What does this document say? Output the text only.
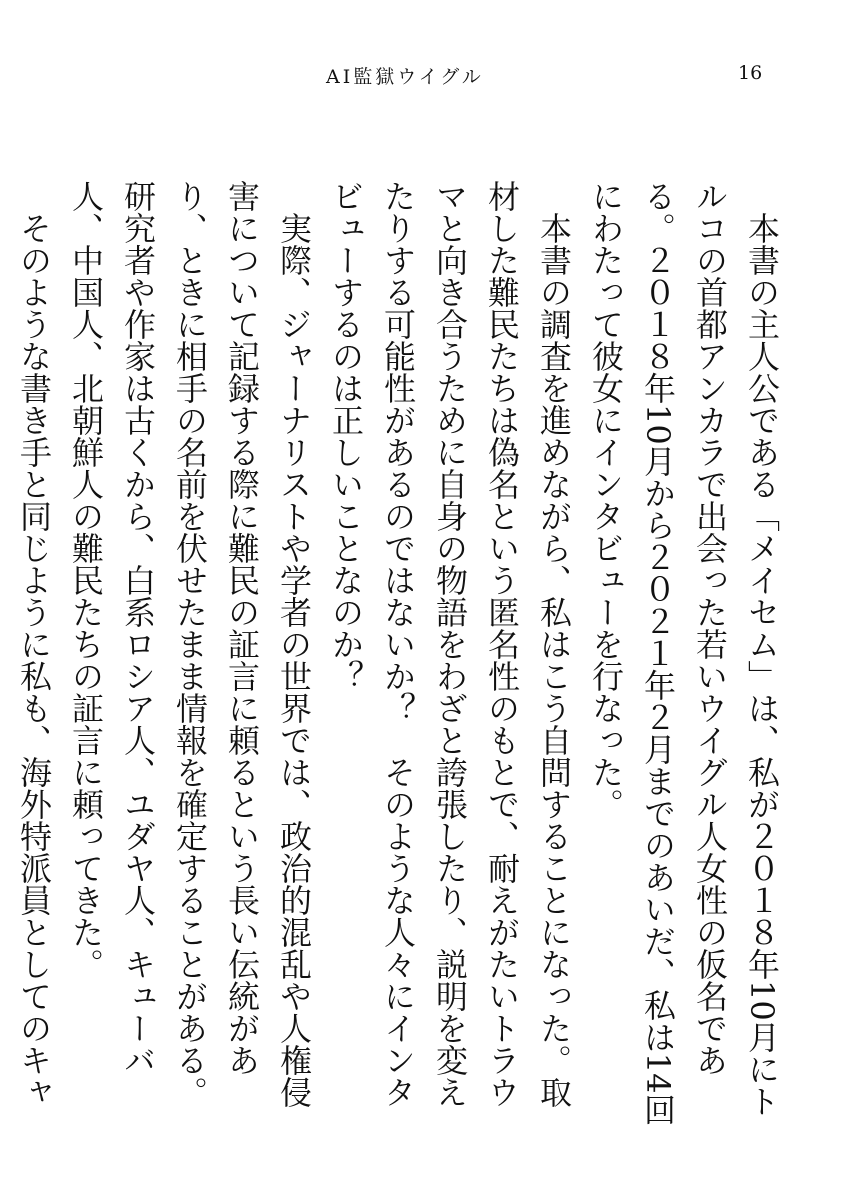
AI監獄ウイグル	16

本書の主人公である「メイセム」は、私が２０１８年10月にトルコの首都アンカラで出会った若いウイグル人女性の仮名である。２０１８年10月から２０２１年２月までのあいだ、私は14回にわたって彼女にインタビューを行なった。

本書の調査を進めながら、私はこう自問することになった。取材した難民たちは偽名という匿名性のもとで、耐えがたいトラウマと向き合うために自身の物語をわざと誇張したり、説明を変えたりする可能性があるのではないか？　そのような人々にインタビューするのは正しいことなのか？

実際、ジャーナリストや学者の世界では、政治的混乱や人権侵害について記録する際に難民の証言に頼るという長い伝統があり、ときに相手の名前を伏せたまま情報を確定することがある。研究者や作家は古くから、白系ロシア人、ユダヤ人、キューバ人、中国人、北朝鮮人の難民たちの証言に頼ってきた。

そのような書き手と同じように私も、海外特派員としてのキャ
